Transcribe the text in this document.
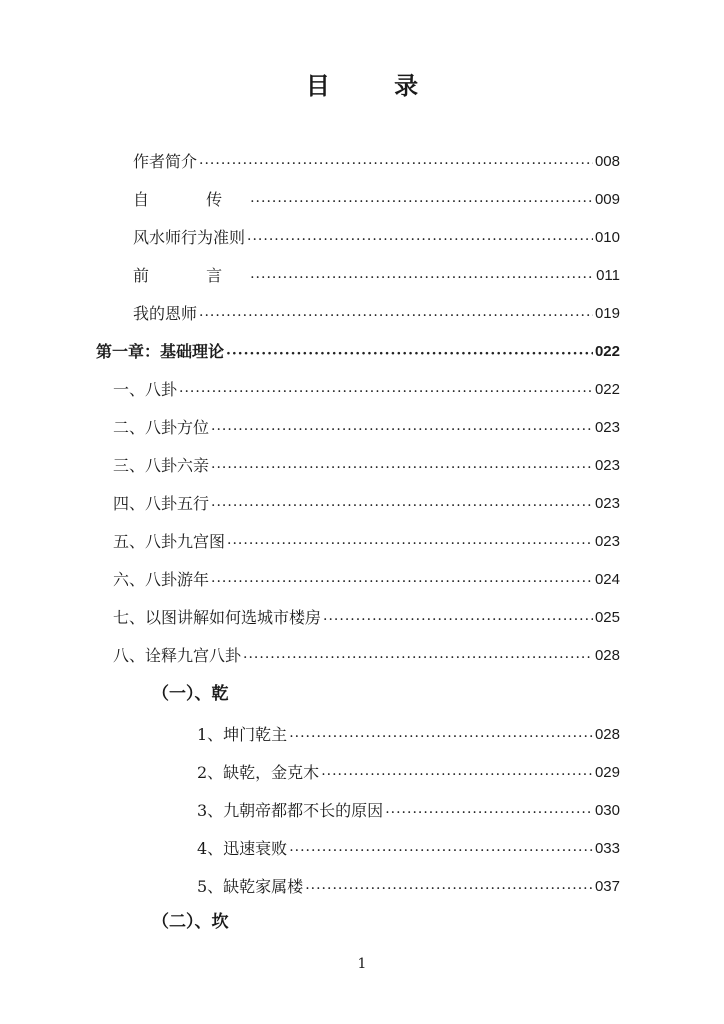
目 录
作者简介 ·····	008
自 传 ·····	009
风水师行为准则 ·····	010
前 言 ·····	011
我的恩师 ·····	019
第一章：基础理论 ·····	022
一、八卦 ·····	022
二、八卦方位 ·····	023
三、八卦六亲 ·····	023
四、八卦五行 ·····	023
五、八卦九宫图 ·····	023
六、八卦游年 ·····	024
七、以图讲解如何选城市楼房 ·····	025
八、诠释九宫八卦 ·····	028
（一）、乾
1、坤门乾主 ·····	028
2、缺乾，金克木 ·····	029
3、九朝帝都都不长的原因 ·····	030
4、迅速衰败 ·····	033
5、缺乾家属楼 ·····	037
（二）、坎
1
